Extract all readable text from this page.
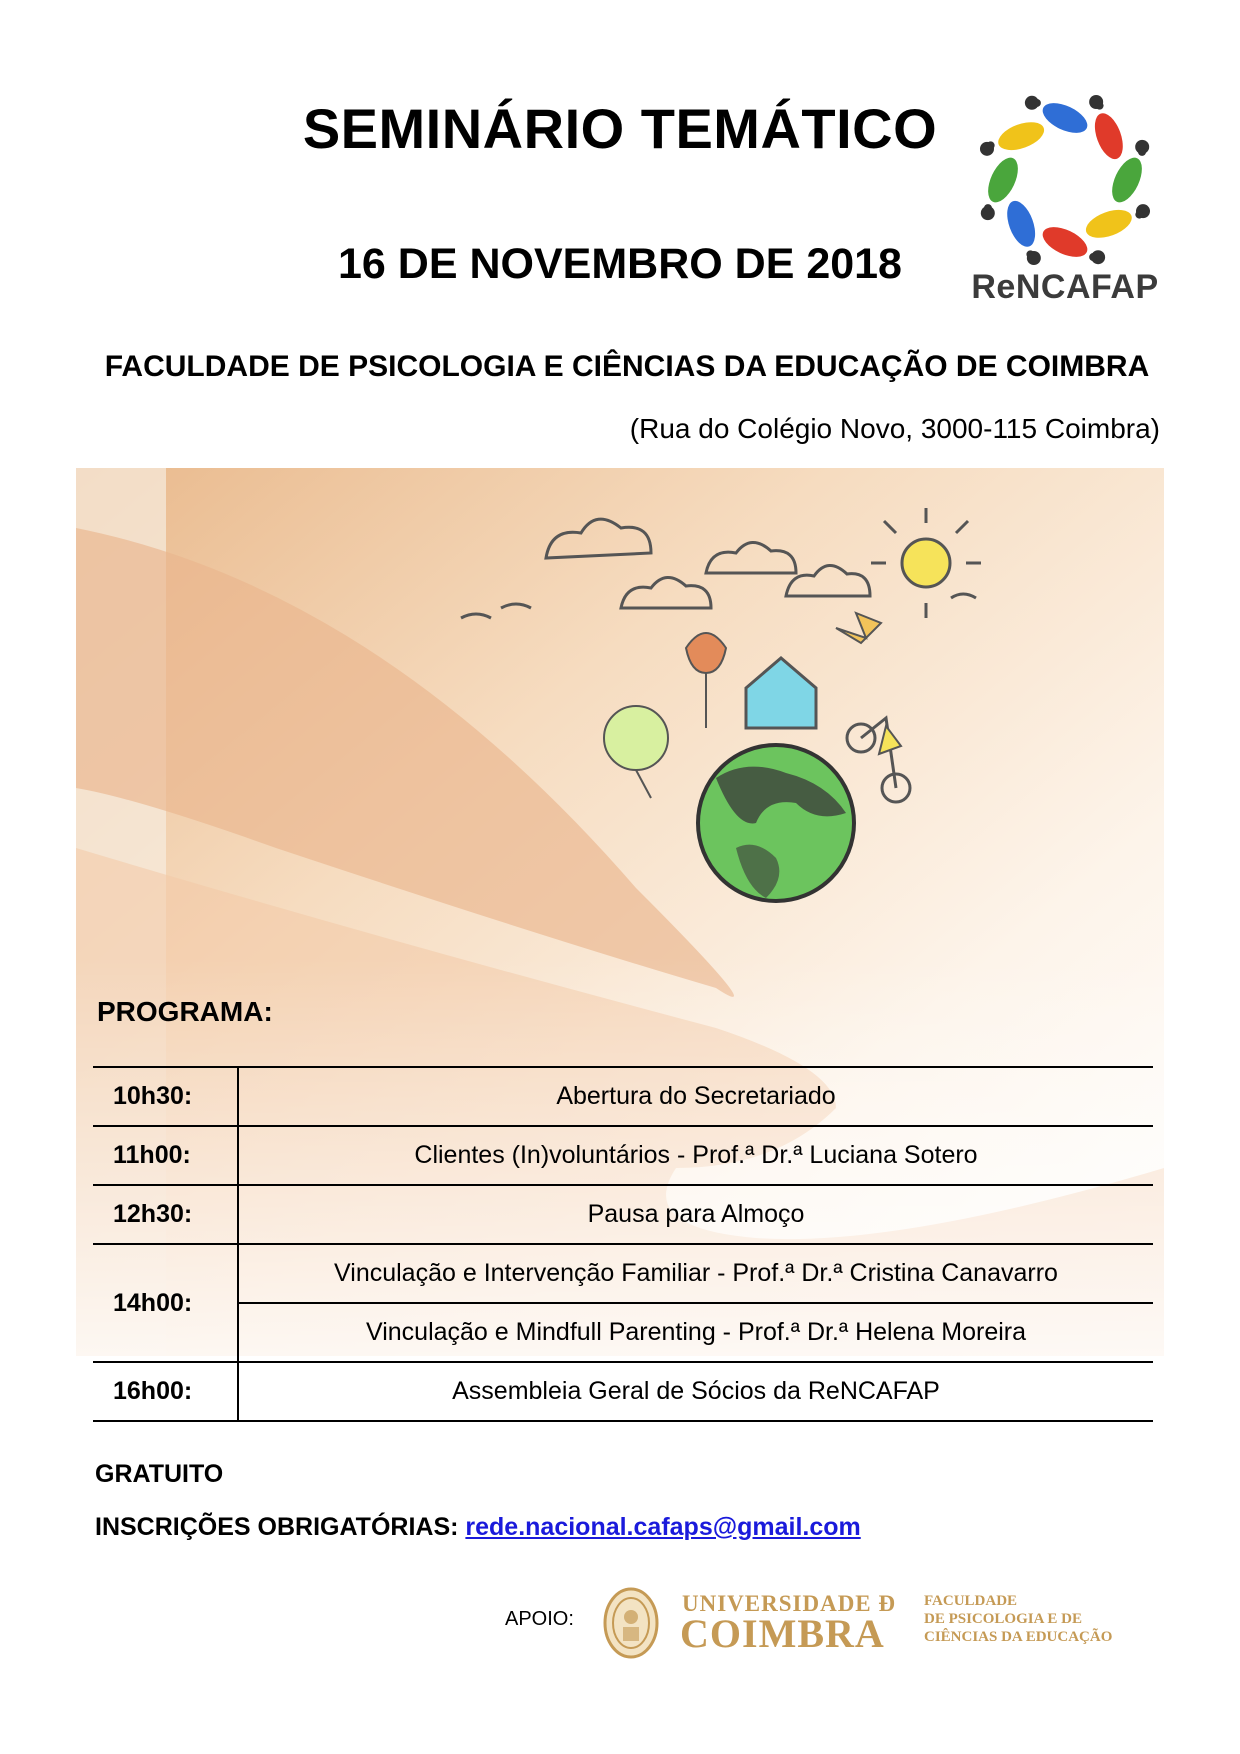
SEMINÁRIO TEMÁTICO
16 DE NOVEMBRO DE 2018	ReNCAFAP
FACULDADE DE PSICOLOGIA E CIÊNCIAS DA EDUCAÇÃO DE COIMBRA
(Rua do Colégio Novo, 3000-115 Coimbra)
PROGRAMA:
10h30:	Abertura do Secretariado
11h00:	Clientes (In)voluntários - Prof.ª Dr.ª Luciana Sotero
12h30:	Pausa para Almoço
14h00:	Vinculação e Intervenção Familiar - Prof.ª Dr.ª Cristina Canavarro
	Vinculação e Mindfull Parenting - Prof.ª Dr.ª Helena Moreira
16h00:	Assembleia Geral de Sócios da ReNCAFAP
GRATUITO
INSCRIÇÕES OBRIGATÓRIAS: rede.nacional.cafaps@gmail.com
APOIO:
UNIVERSIDADE Ð
COIMBRA
FACULDADE
DE PSICOLOGIA E DE
CIÊNCIAS DA EDUCAÇÃO
